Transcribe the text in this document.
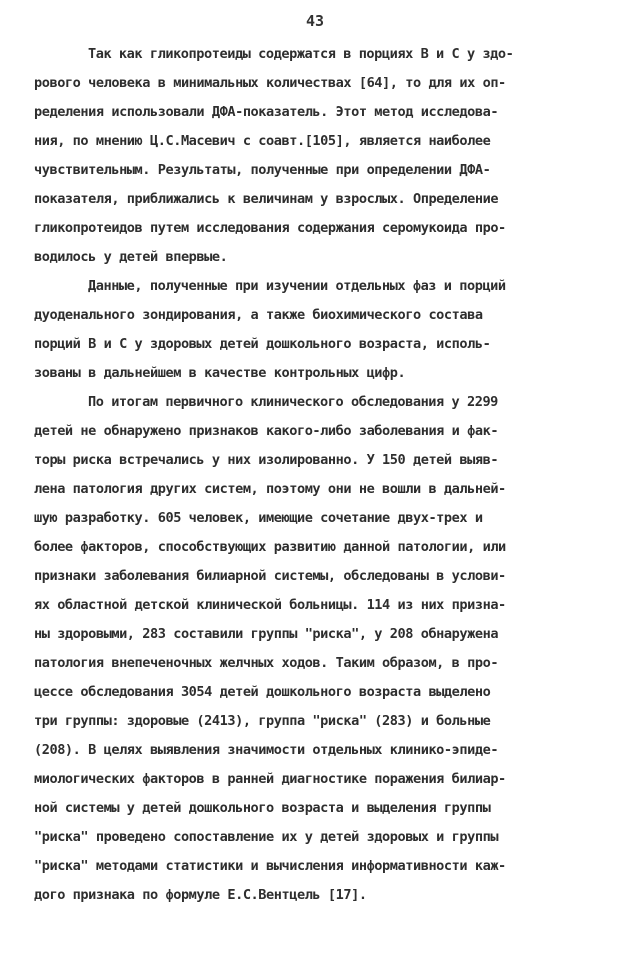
43
Так как гликопротеиды содержатся в порциях В и С у здо-
рового человека в минимальных количествах [64], то для их оп-
ределения использовали ДФА-показатель. Этот метод исследова-
ния, по мнению Ц.С.Масевич с соавт.[105], является наиболее
чувствительным. Результаты, полученные при определении ДФА-
показателя, приближались к величинам у взрослых. Определение
гликопротеидов путем исследования содержания серомукоида про-
водилось у детей впервые.
Данные, полученные при изучении отдельных фаз и порций
дуоденального зондирования, а также биохимического состава
порций В и С у здоровых детей дошкольного возраста, исполь-
зованы в дальнейшем в качестве контрольных цифр.
По итогам первичного клинического обследования у 2299
детей не обнаружено признаков какого-либо заболевания и фак-
торы риска встречались у них изолированно. У 150 детей выяв-
лена патология других систем, поэтому они не вошли в дальней-
шую разработку. 605 человек, имеющие сочетание двух-трех и
более факторов, способствующих развитию данной патологии, или
признаки заболевания билиарной системы, обследованы в услови-
ях областной детской клинической больницы. 114 из них призна-
ны здоровыми, 283 составили группы "риска", у 208 обнаружена
патология внепеченочных желчных ходов. Таким образом, в про-
цессе обследования 3054 детей дошкольного возраста выделено
три группы: здоровые (2413), группа "риска" (283) и больные
(208). В целях выявления значимости отдельных клинико-эпиде-
миологических факторов в ранней диагностике поражения билиар-
ной системы у детей дошкольного возраста и выделения группы
"риска" проведено сопоставление их у детей здоровых и группы
"риска" методами статистики и вычисления информативности каж-
дого признака по формуле Е.С.Вентцель [17].
